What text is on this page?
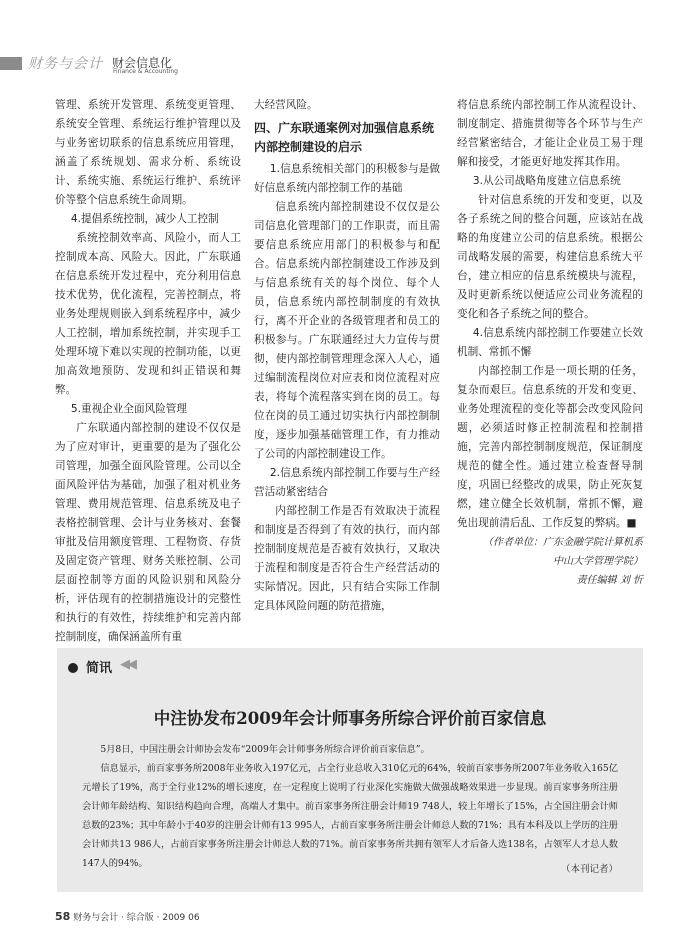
财务与会计 财会信息化
Finance & Accounting

管理、系统开发管理、系统变更管理、系统安全管理、系统运行维护管理以及与业务密切联系的信息系统应用管理，涵盖了系统规划、需求分析、系统设计、系统实施、系统运行维护、系统评价等整个信息系统生命周期。

4.提倡系统控制，减少人工控制

系统控制效率高、风险小，而人工控制成本高、风险大。因此，广东联通在信息系统开发过程中，充分利用信息技术优势，优化流程，完善控制点，将业务处理规则嵌入到系统程序中，减少人工控制，增加系统控制，并实现手工处理环境下难以实现的控制功能，以更加高效地预防、发现和纠正错误和舞弊。

5.重视企业全面风险管理

广东联通内部控制的建设不仅仅是为了应对审计，更重要的是为了强化公司管理，加强全面风险管理。公司以全面风险评估为基础，加强了租对机业务管理、费用规范管理、信息系统及电子表格控制管理、会计与业务核对、套餐审批及信用额度管理、工程物资、存货及固定资产管理、财务关账控制、公司层面控制等方面的风险识别和风险分析，评估现有的控制措施设计的完整性和执行的有效性，持续维护和完善内部控制制度，确保涵盖所有重

大经营风险。

四、广东联通案例对加强信息系统内部控制建设的启示

1.信息系统相关部门的积极参与是做好信息系统内部控制工作的基础

信息系统内部控制建设不仅仅是公司信息化管理部门的工作职责，而且需要信息系统应用部门的积极参与和配合。信息系统内部控制建设工作涉及到与信息系统有关的每个岗位、每个人员，信息系统内部控制制度的有效执行，离不开企业的各级管理者和员工的积极参与。广东联通经过大力宣传与贯彻，使内部控制管理理念深入人心，通过编制流程岗位对应表和岗位流程对应表，将每个流程落实到在岗的员工。每位在岗的员工通过切实执行内部控制制度，逐步加强基础管理工作，有力推动了公司的内部控制建设工作。

2.信息系统内部控制工作要与生产经营活动紧密结合

内部控制工作是否有效取决于流程和制度是否得到了有效的执行，而内部控制制度规范是否被有效执行，又取决于流程和制度是否符合生产经营活动的实际情况。因此，只有结合实际工作制定具体风险问题的防范措施，

将信息系统内部控制工作从流程设计、制度制定、措施贯彻等各个环节与生产经营紧密结合，才能让企业员工易于理解和接受，才能更好地发挥其作用。

3.从公司战略角度建立信息系统

针对信息系统的开发和变更，以及各子系统之间的整合问题，应该站在战略的角度建立公司的信息系统。根据公司战略发展的需要，构建信息系统大平台，建立相应的信息系统模块与流程，及时更新系统以便适应公司业务流程的变化和各子系统之间的整合。

4.信息系统内部控制工作要建立长效机制、常抓不懈

内部控制工作是一项长期的任务，复杂而艰巨。信息系统的开发和变更、业务处理流程的变化等都会改变风险问题，必须适时修正控制流程和控制措施，完善内部控制制度规范，保证制度规范的健全性。通过建立检查督导制度，巩固已经整改的成果，防止死灰复燃，建立健全长效机制，常抓不懈，避免出现前清后乱、工作反复的弊病。■

（作者单位：广东金融学院计算机系

中山大学管理学院）

责任编辑 刘 忻

简讯 ◀◀
中注协发布2009年会计师事务所综合评价前百家信息

5月8日，中国注册会计师协会发布“2009年会计师事务所综合评价前百家信息”。

信息显示，前百家事务所2008年业务收入197亿元，占全行业总收入310亿元的64%，较前百家事务所2007年业务收入165亿元增长了19%，高于全行业12%的增长速度，在一定程度上说明了行业深化实施做大做强战略效果进一步显现。前百家事务所注册会计师年龄结构、知识结构趋向合理，高端人才集中。前百家事务所注册会计师19 748人，较上年增长了15%，占全国注册会计师总数的23%；其中年龄小于40岁的注册会计师有13 995人，占前百家事务所注册会计师总人数的71%；具有本科及以上学历的注册会计师共13 986人，占前百家事务所注册会计师总人数的71%。前百家事务所共拥有领军人才后备人选138名，占领军人才总人数147人的94%。

（本刊记者）
58 财务与会计 · 综合版 · 2009 06
